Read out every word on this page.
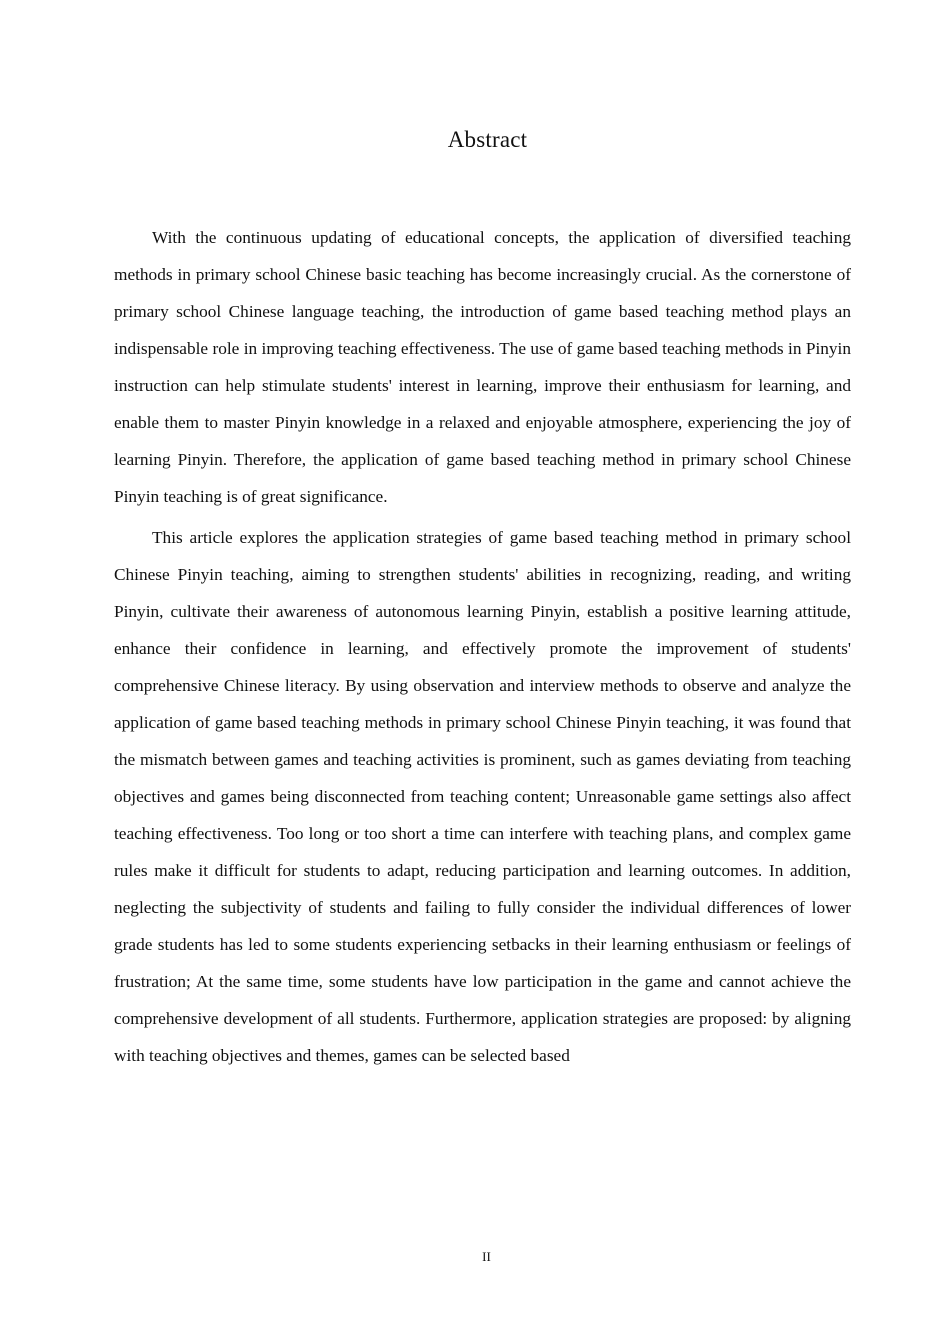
Abstract

With the continuous updating of educational concepts, the application of diversified teaching methods in primary school Chinese basic teaching has become increasingly crucial. As the cornerstone of primary school Chinese language teaching, the introduction of game based teaching method plays an indispensable role in improving teaching effectiveness. The use of game based teaching methods in Pinyin instruction can help stimulate students' interest in learning, improve their enthusiasm for learning, and enable them to master Pinyin knowledge in a relaxed and enjoyable atmosphere, experiencing the joy of learning Pinyin. Therefore, the application of game based teaching method in primary school Chinese Pinyin teaching is of great significance.

This article explores the application strategies of game based teaching method in primary school Chinese Pinyin teaching, aiming to strengthen students' abilities in recognizing, reading, and writing Pinyin, cultivate their awareness of autonomous learning Pinyin, establish a positive learning attitude, enhance their confidence in learning, and effectively promote the improvement of students' comprehensive Chinese literacy. By using observation and interview methods to observe and analyze the application of game based teaching methods in primary school Chinese Pinyin teaching, it was found that the mismatch between games and teaching activities is prominent, such as games deviating from teaching objectives and games being disconnected from teaching content; Unreasonable game settings also affect teaching effectiveness. Too long or too short a time can interfere with teaching plans, and complex game rules make it difficult for students to adapt, reducing participation and learning outcomes. In addition, neglecting the subjectivity of students and failing to fully consider the individual differences of lower grade students has led to some students experiencing setbacks in their learning enthusiasm or feelings of frustration; At the same time, some students have low participation in the game and cannot achieve the comprehensive development of all students. Furthermore, application strategies are proposed: by aligning with teaching objectives and themes, games can be selected based

II
